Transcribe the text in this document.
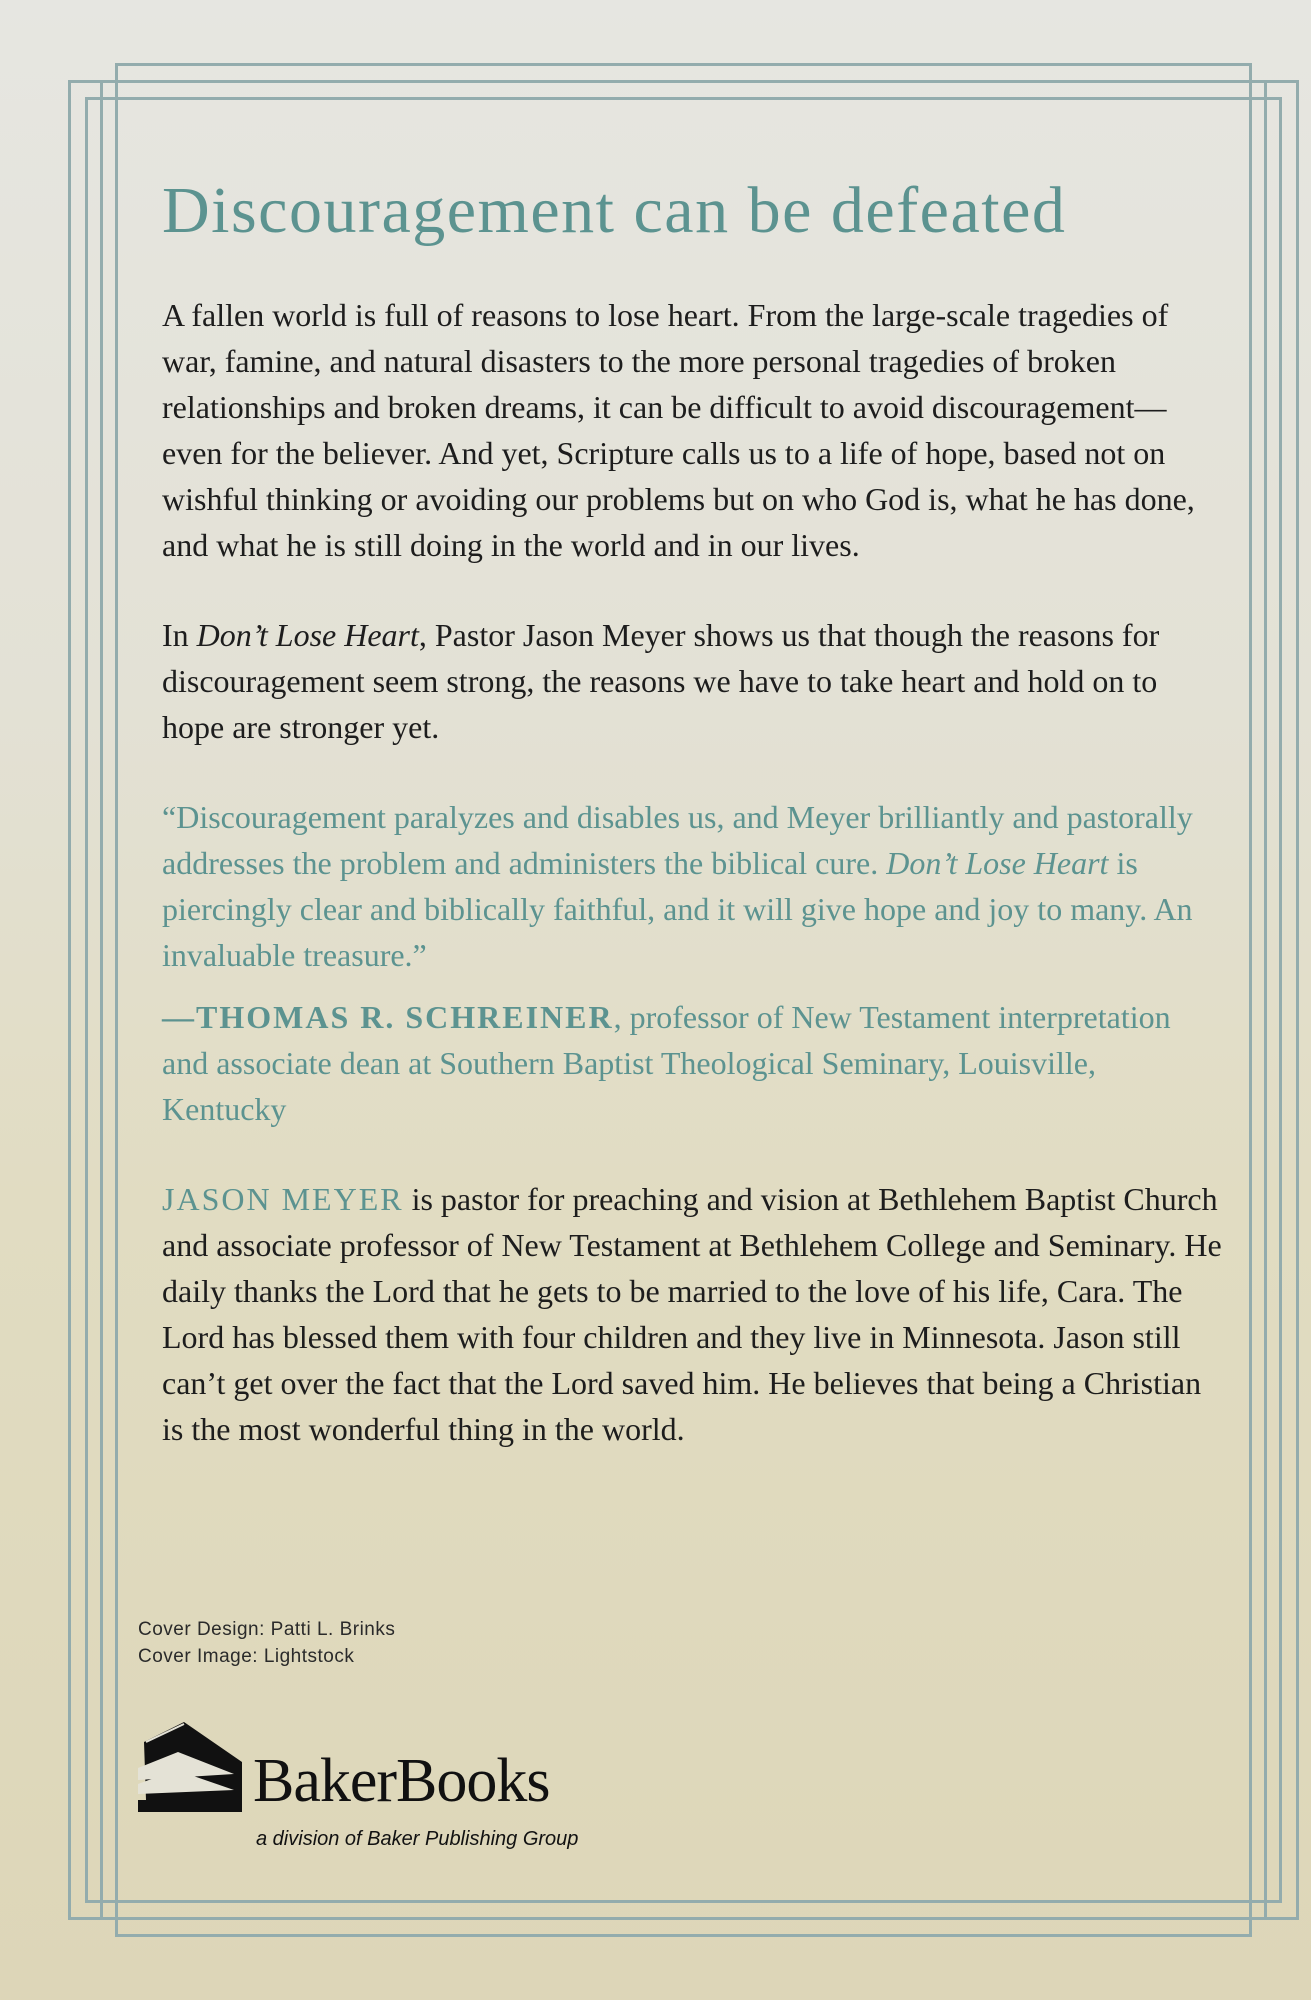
Discouragement can be defeated

A fallen world is full of reasons to lose heart. From the large-scale tragedies of war, famine, and natural disasters to the more personal tragedies of broken relationships and broken dreams, it can be difficult to avoid discouragement—even for the believer. And yet, Scripture calls us to a life of hope, based not on wishful thinking or avoiding our problems but on who God is, what he has done, and what he is still doing in the world and in our lives.

In Don’t Lose Heart, Pastor Jason Meyer shows us that though the reasons for discouragement seem strong, the reasons we have to take heart and hold on to hope are stronger yet.

“Discouragement paralyzes and disables us, and Meyer brilliantly and pastorally addresses the problem and administers the biblical cure. Don’t Lose Heart is piercingly clear and biblically faithful, and it will give hope and joy to many. An invaluable treasure.”

—THOMAS R. SCHREINER, professor of New Testament interpretation and associate dean at Southern Baptist Theological Seminary, Louisville, Kentucky

JASON MEYER is pastor for preaching and vision at Bethlehem Baptist Church and associate professor of New Testament at Bethlehem College and Seminary. He daily thanks the Lord that he gets to be married to the love of his life, Cara. The Lord has blessed them with four children and they live in Minnesota. Jason still can’t get over the fact that the Lord saved him. He believes that being a Christian is the most wonderful thing in the world.

Cover Design: Patti L. Brinks
Cover Image: Lightstock
BakerBooks
a division of Baker Publishing Group
